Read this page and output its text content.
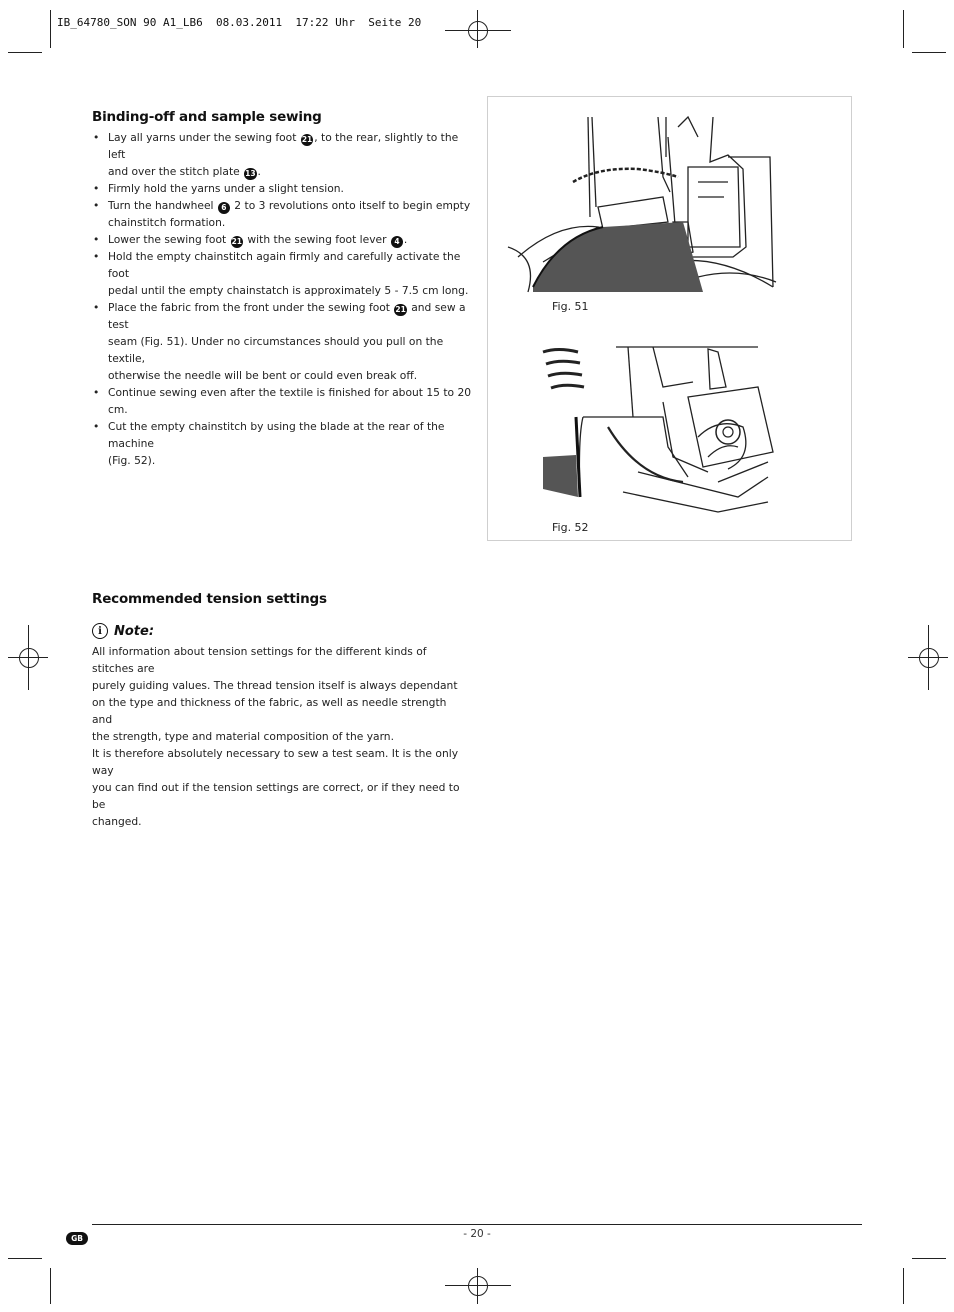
IB_64780_SON 90 A1_LB6  08.03.2011  17:22 Uhr  Seite 20
Binding-off and sample sewing
• Lay all yarns under the sewing foot 21 , to the rear, slightly to the left
and over the stitch plate 13 .
• Firmly hold the yarns under a slight tension.
• Turn the handwheel 6 2 to 3 revolutions onto itself to begin empty
chainstitch formation.
• Lower the sewing foot 21 with the sewing foot lever 4 .
• Hold the empty chainstitch again firmly and carefully activate the foot
pedal until the empty chainstatch is approximately 5 - 7.5 cm long.
• Place the fabric from the front under the sewing foot 21 and sew a test
seam (Fig. 51). Under no circumstances should you pull on the textile,
otherwise the needle will be bent or could even break off.
• Continue sewing even after the textile is finished for about 15 to 20 cm.
• Cut the empty chainstitch by using the blade at the rear of the machine
(Fig. 52).
Fig. 51
Fig. 52
Recommended tension settings
i Note:

All information about tension settings for the different kinds of stitches are

purely guiding values. The thread tension itself is always dependant

on the type and thickness of the fabric, as well as needle strength and

the strength, type and material composition of the yarn.

It is therefore absolutely necessary to sew a test seam. It is the only way

you can find out if the tension settings are correct, or if they need to be

changed.

GB	- 20 -
